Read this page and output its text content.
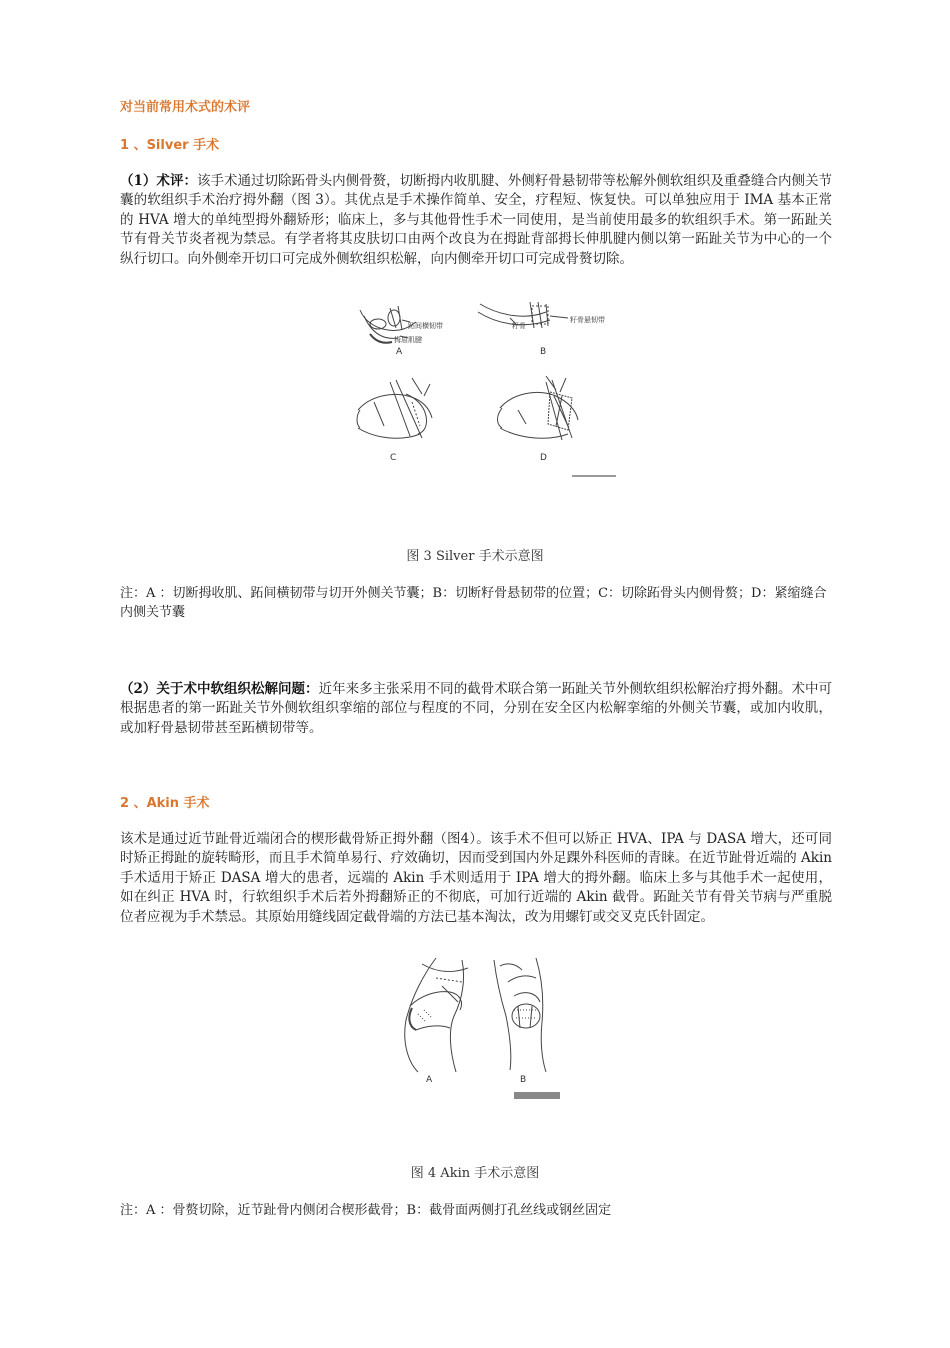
对当前常用术式的术评

1 、Silver 手术

（1）术评：该手术通过切除跖骨头内侧骨赘，切断拇内收肌腱、外侧籽骨悬韧带等松解外侧软组织及重叠缝合内侧关节囊的软组织手术治疗拇外翻（图 3）。其优点是手术操作简单、安全，疗程短、恢复快。可以单独应用于 IMA 基本正常的 HVA 增大的单纯型拇外翻矫形；临床上，多与其他骨性手术一同使用，是当前使用最多的软组织手术。第一跖趾关节有骨关节炎者视为禁忌。有学者将其皮肤切口由两个改良为在拇趾背部拇长伸肌腱内侧以第一跖趾关节为中心的一个纵行切口。向外侧牵开切口可完成外侧软组织松解，向内侧牵开切口可完成骨赘切除。

跖间横韧带
拇屈肌腱
籽骨
籽骨悬韧带
A	B
C	D

图 3 Silver 手术示意图

注：A ：切断拇收肌、跖间横韧带与切开外侧关节囊；B：切断籽骨悬韧带的位置；C：切除跖骨头内侧骨赘；D：紧缩缝合内侧关节囊

（2）关于术中软组织松解问题：近年来多主张采用不同的截骨术联合第一跖趾关节外侧软组织松解治疗拇外翻。术中可根据患者的第一跖趾关节外侧软组织挛缩的部位与程度的不同，分别在安全区内松解挛缩的外侧关节囊，或加内收肌，或加籽骨悬韧带甚至跖横韧带等。

2 、Akin 手术

该术是通过近节趾骨近端闭合的楔形截骨矫正拇外翻（图4）。该手术不但可以矫正 HVA、IPA 与 DASA 增大，还可同时矫正拇趾的旋转畸形，而且手术简单易行、疗效确切，因而受到国内外足踝外科医师的青睐。在近节趾骨近端的 Akin 手术适用于矫正 DASA 增大的患者，远端的 Akin 手术则适用于 IPA 增大的拇外翻。临床上多与其他手术一起使用，如在纠正 HVA 时，行软组织手术后若外拇翻矫正的不彻底，可加行近端的 Akin 截骨。跖趾关节有骨关节病与严重脱位者应视为手术禁忌。其原始用缝线固定截骨端的方法已基本淘汰，改为用螺钉或交叉克氏针固定。

A	B

图 4 Akin 手术示意图

注：A ：骨赘切除，近节趾骨内侧闭合楔形截骨；B：截骨面两侧打孔丝线或钢丝固定
